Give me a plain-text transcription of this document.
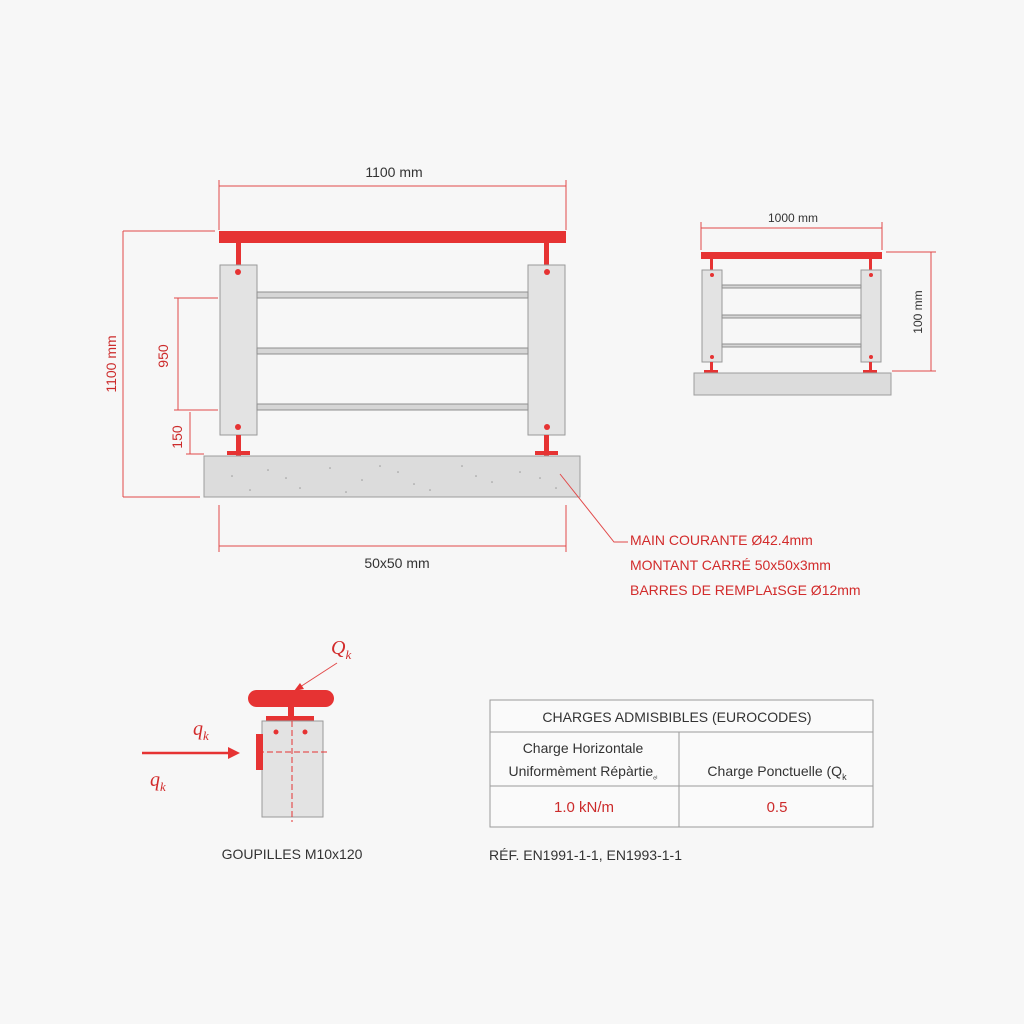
1100 mm
1100 mm	950
150
50x50 mm
MAIN COURANTE Ø42.4mm
MONTANT CARRÉ 50x50x3mm
BARRES DE REMPLAɪSGE Ø12mm
1000 mm
100 mm
$Q_k$
$q_k$
$q_k$
GOUPILLES M10x120
CHARGES ADMISBIBLES (EUROCODES)
Charge Horizontale
Uniformèment Répàrtie$_{_{el}}$	Charge Ponctuelle ($Q_k$
1.0 kN/m	0.5
RÉF. EN1991-1-1, EN1993-1-1
